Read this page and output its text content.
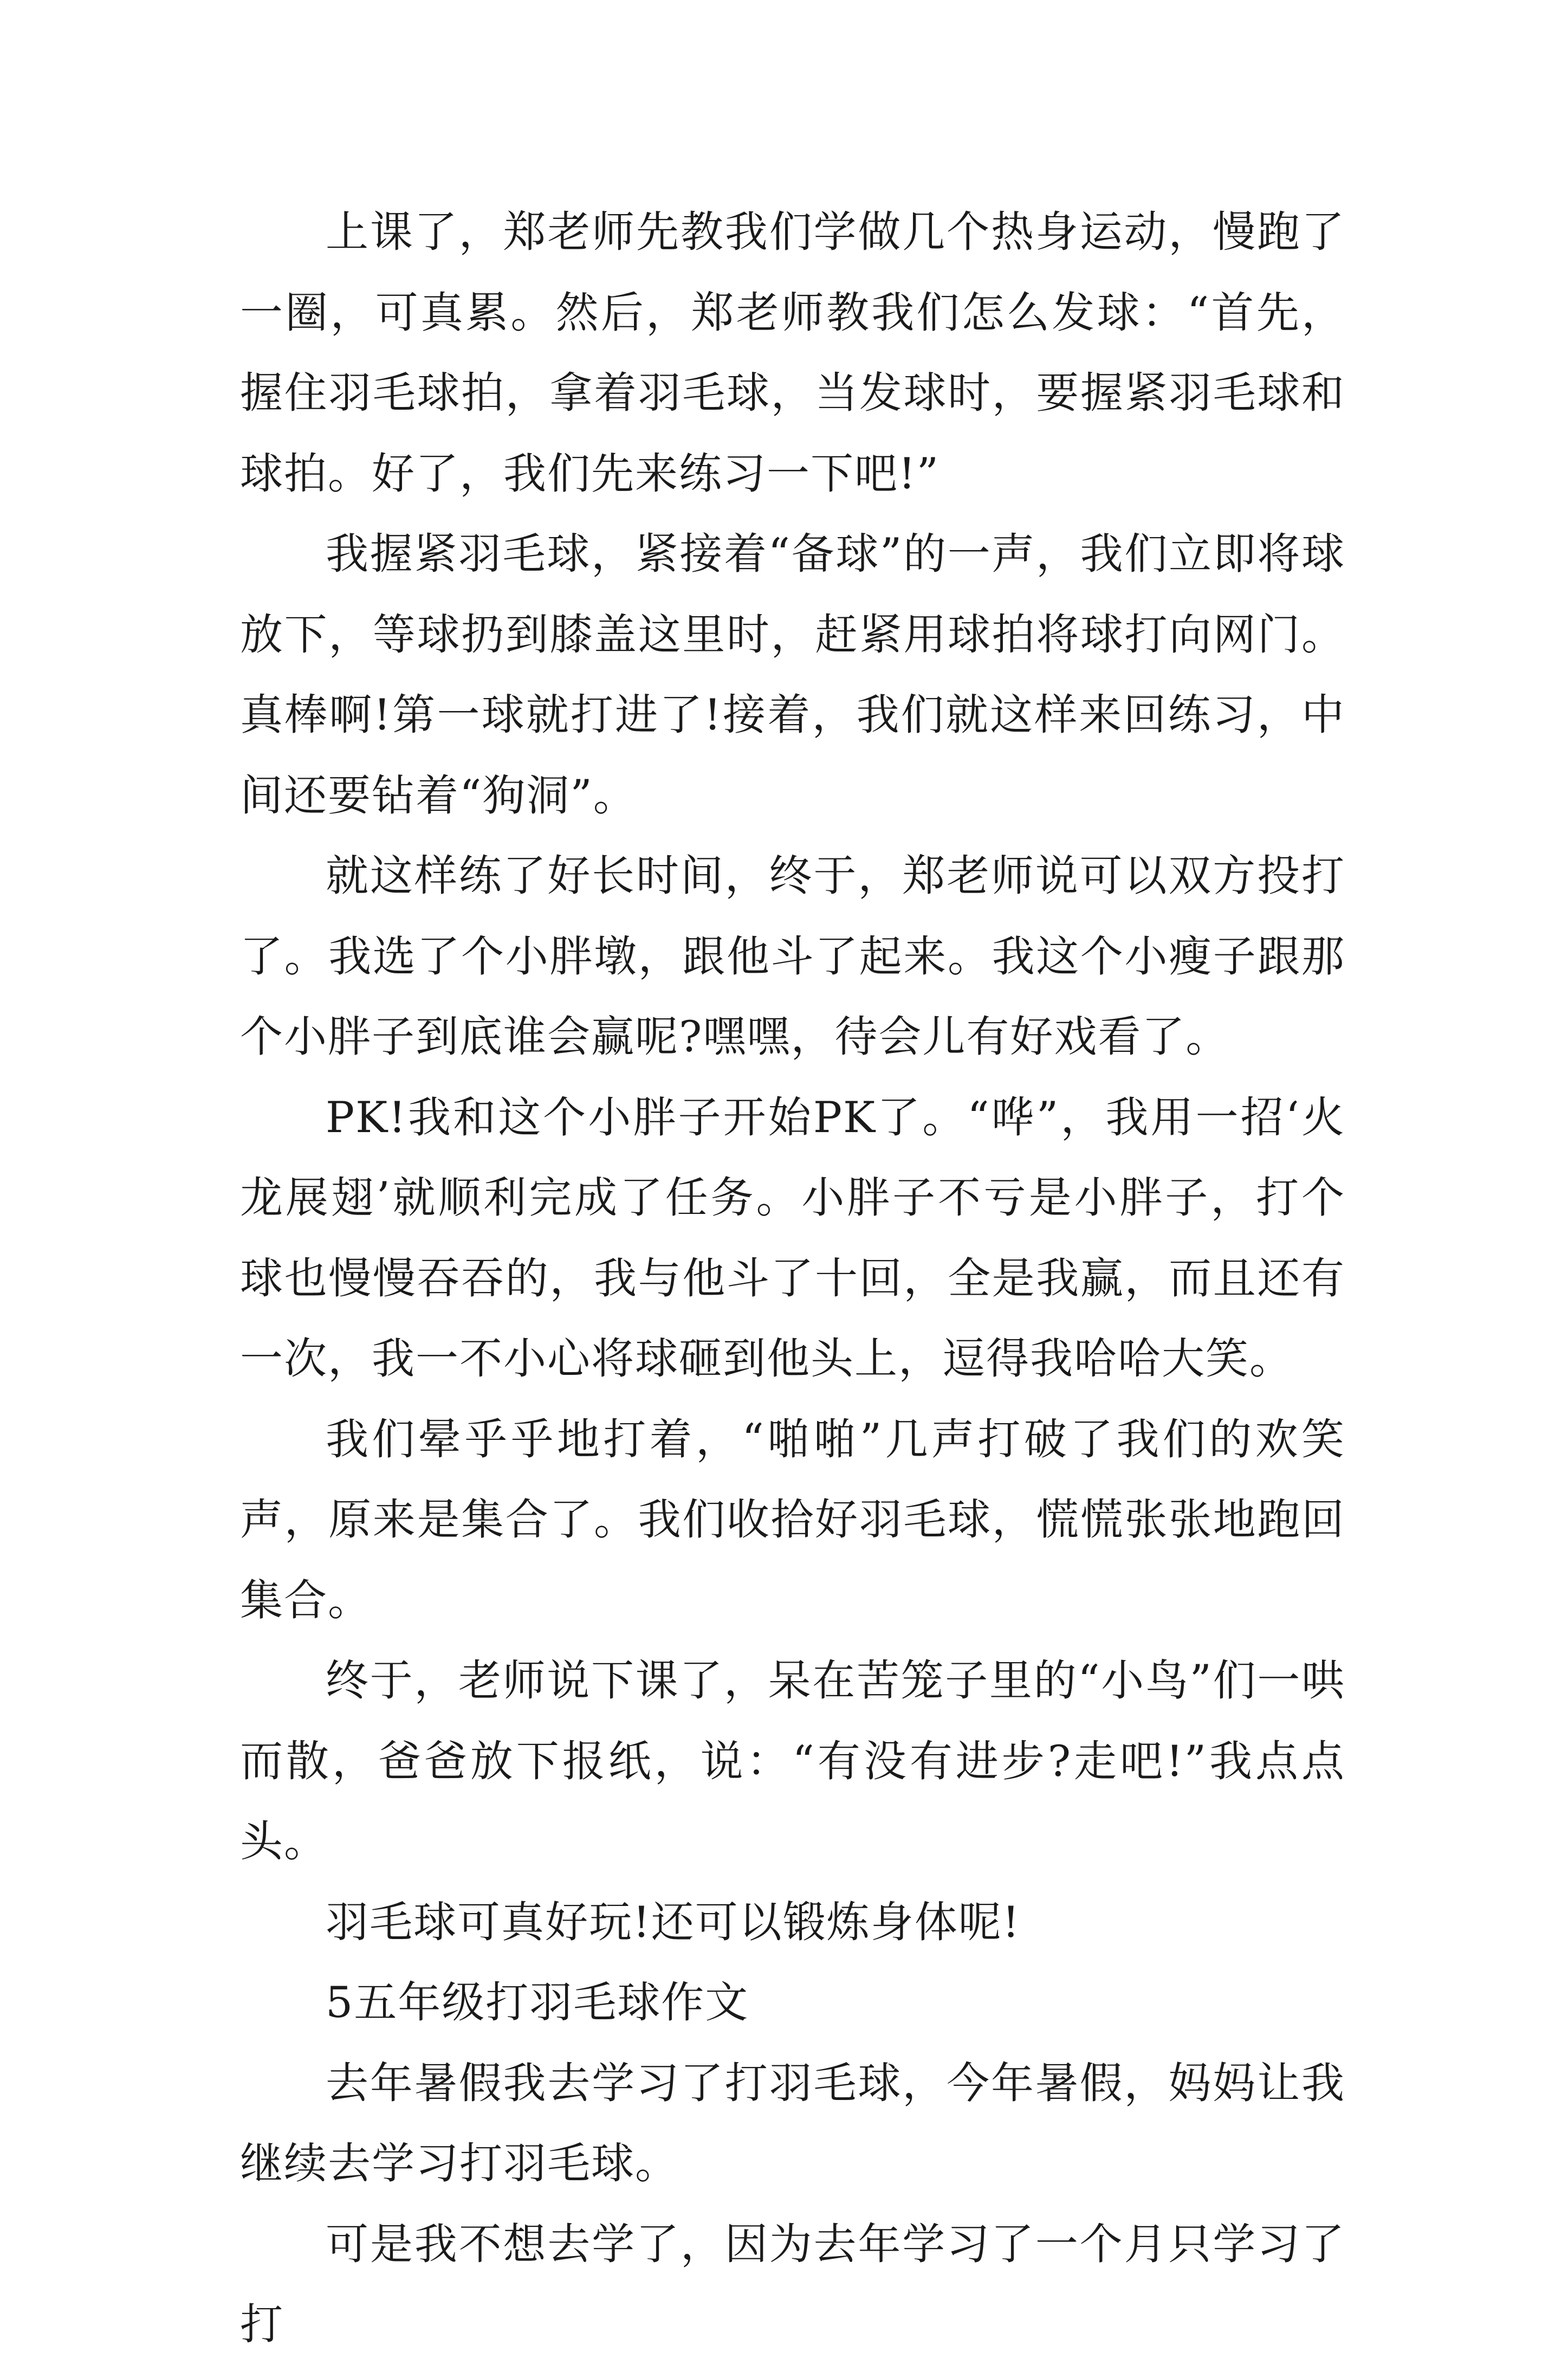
上课了，郑老师先教我们学做几个热身运动，慢跑了一圈，可真累。然后，郑老师教我们怎么发球：“首先，握住羽毛球拍，拿着羽毛球，当发球时，要握紧羽毛球和球拍。好了，我们先来练习一下吧!”

我握紧羽毛球，紧接着“备球”的一声，我们立即将球放下，等球扔到膝盖这里时，赶紧用球拍将球打向网门。真棒啊!第一球就打进了!接着，我们就这样来回练习，中间还要钻着“狗洞”。

就这样练了好长时间，终于，郑老师说可以双方投打了。我选了个小胖墩，跟他斗了起来。我这个小瘦子跟那个小胖子到底谁会赢呢?嘿嘿，待会儿有好戏看了。

PK!我和这个小胖子开始PK了。“哗”，我用一招‘火龙展翅’就顺利完成了任务。小胖子不亏是小胖子，打个球也慢慢吞吞的，我与他斗了十回，全是我赢，而且还有一次，我一不小心将球砸到他头上，逗得我哈哈大笑。

我们晕乎乎地打着，“啪啪”几声打破了我们的欢笑声，原来是集合了。我们收拾好羽毛球，慌慌张张地跑回集合。

终于，老师说下课了，呆在苦笼子里的“小鸟”们一哄而散，爸爸放下报纸，说：“有没有进步?走吧!”我点点头。

羽毛球可真好玩!还可以锻炼身体呢!

5五年级打羽毛球作文

去年暑假我去学习了打羽毛球，今年暑假，妈妈让我继续去学习打羽毛球。

可是我不想去学了，因为去年学习了一个月只学习了打
